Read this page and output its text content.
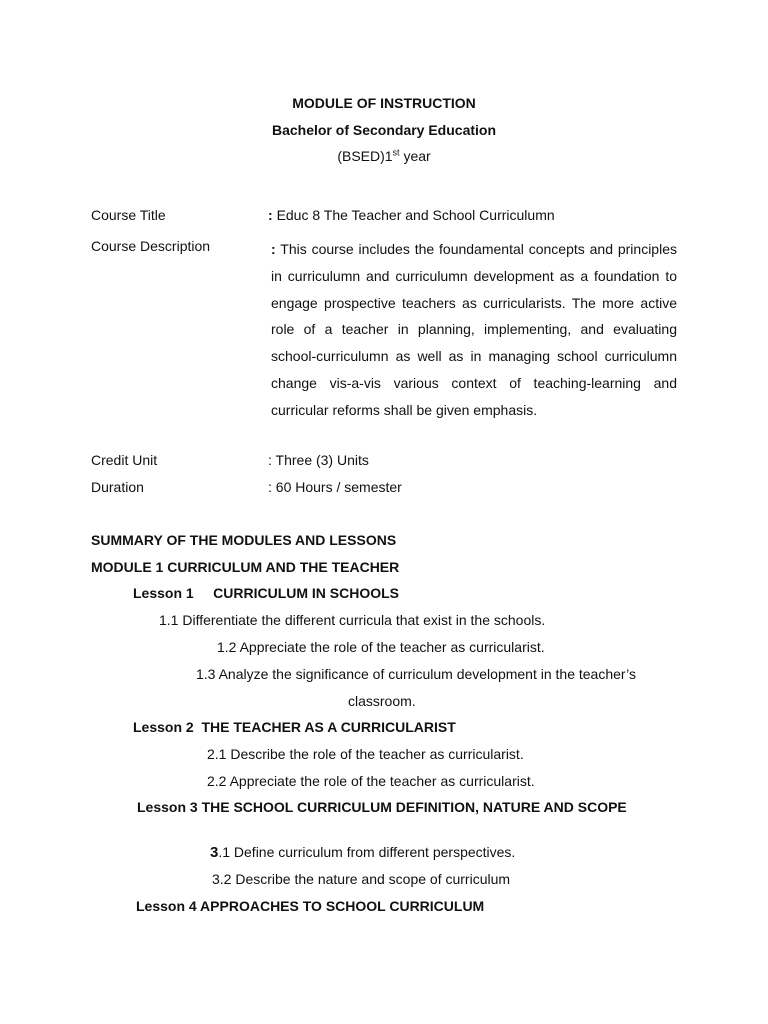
MODULE OF INSTRUCTION
Bachelor of Secondary Education
(BSED)1st year
Course Title	: Educ 8 The Teacher and School Curriculumn
Course Description	: This course includes the foundamental concepts and principles in curriculumn and curriculumn development as a foundation to engage prospective teachers as curricularists. The more active role of a teacher in planning, implementing, and evaluating school-curriculumn as well as in managing school curriculumn change vis-a-vis various context of teaching-learning and curricular reforms shall be given emphasis.
Credit Unit	: Three (3) Units
Duration	: 60 Hours / semester
SUMMARY OF THE MODULES AND LESSONS
MODULE 1 CURRICULUM AND THE TEACHER
Lesson 1     CURRICULUM IN SCHOOLS
1.1 Differentiate the different curricula that exist in the schools.
1.2 Appreciate the role of the teacher as curricularist.
1.3 Analyze the significance of curriculum development in the teacher’s
classroom.
Lesson 2  THE TEACHER AS A CURRICULARIST
2.1 Describe the role of the teacher as curricularist.
2.2 Appreciate the role of the teacher as curricularist.
Lesson 3 THE SCHOOL CURRICULUM DEFINITION, NATURE AND SCOPE
3.1 Define curriculum from different perspectives.
3.2 Describe the nature and scope of curriculum
Lesson 4 APPROACHES TO SCHOOL CURRICULUM
